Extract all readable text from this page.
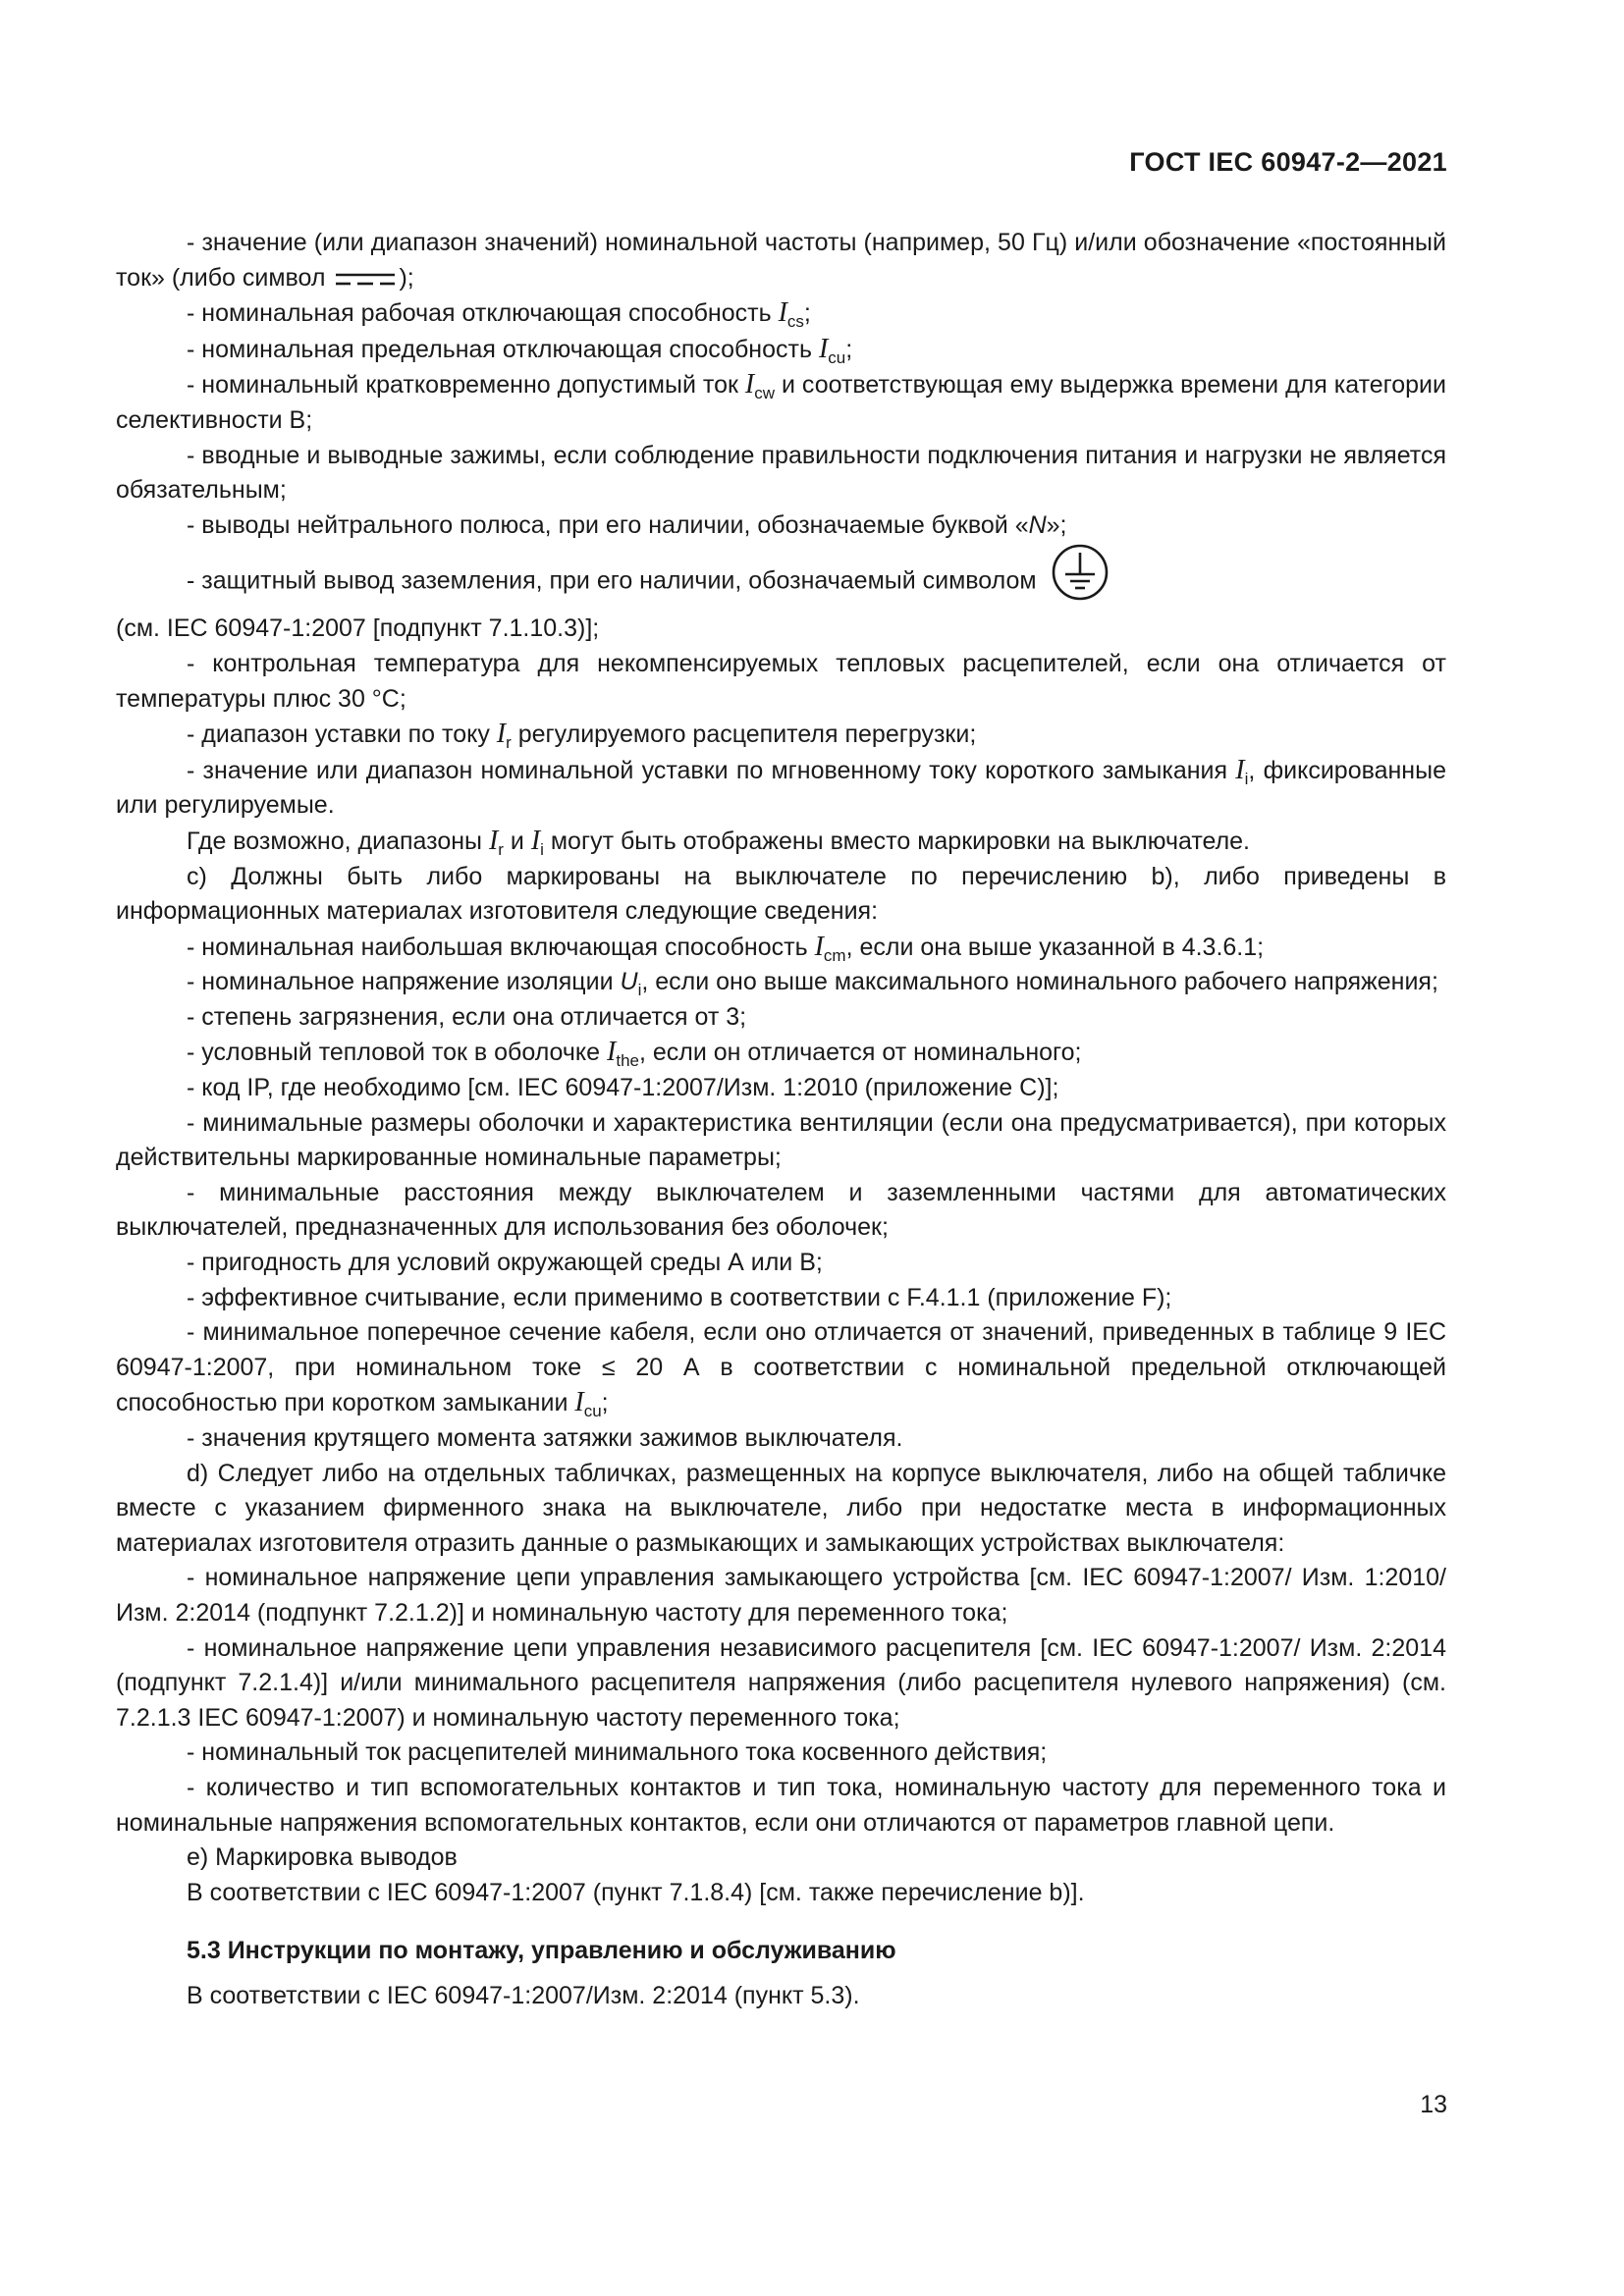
ГОСТ IEC 60947-2—2021

- значение (или диапазон значений) номинальной частоты (например, 50 Гц) и/или обозначение «постоянный ток» (либо символ	);

- номинальная рабочая отключающая способность $I_{cs}$;

- номинальная предельная отключающая способность $I_{cu}$;

- номинальный кратковременно допустимый ток $I_{cw}$ и соответствующая ему выдержка времени для категории селективности В;

- вводные и выводные зажимы, если соблюдение правильности подключения питания и нагрузки не является обязательным;

- выводы нейтрального полюса, при его наличии, обозначаемые буквой «N»;

- защитный вывод заземления, при его наличии, обозначаемый символом
(см. IEC 60947-1:2007 [подпункт 7.1.10.3)];

- контрольная температура для некомпенсируемых тепловых расцепителей, если она отличается от температуры плюс 30 °С;

- диапазон уставки по току $I_r$ регулируемого расцепителя перегрузки;

- значение или диапазон номинальной уставки по мгновенному току короткого замыкания $I_i$, фиксированные или регулируемые.

Где возможно, диапазоны $I_r$ и $I_i$ могут быть отображены вместо маркировки на выключателе.

с) Должны быть либо маркированы на выключателе по перечислению b), либо приведены в информационных материалах изготовителя следующие сведения:

- номинальная наибольшая включающая способность $I_{cm}$, если она выше указанной в 4.3.6.1;

- номинальное напряжение изоляции $U_i$, если оно выше максимального номинального рабочего напряжения;

- степень загрязнения, если она отличается от 3;

- условный тепловой ток в оболочке $I_{the}$, если он отличается от номинального;

- код IP, где необходимо [см. IEC 60947-1:2007/Изм. 1:2010 (приложение С)];

- минимальные размеры оболочки и характеристика вентиляции (если она предусматривается), при которых действительны маркированные номинальные параметры;

- минимальные расстояния между выключателем и заземленными частями для автоматических выключателей, предназначенных для использования без оболочек;

- пригодность для условий окружающей среды А или В;

- эффективное считывание, если применимо в соответствии с F.4.1.1 (приложение F);

- минимальное поперечное сечение кабеля, если оно отличается от значений, приведенных в таблице 9 IEC 60947-1:2007, при номинальном токе ≤ 20 А в соответствии с номинальной предельной отключающей способностью при коротком замыкании $I_{cu}$;

- значения крутящего момента затяжки зажимов выключателя.

d) Следует либо на отдельных табличках, размещенных на корпусе выключателя, либо на общей табличке вместе с указанием фирменного знака на выключателе, либо при недостатке места в информационных материалах изготовителя отразить данные о размыкающих и замыкающих устройствах выключателя:

- номинальное напряжение цепи управления замыкающего устройства [см. IEC 60947-1:2007/ Изм. 1:2010/Изм. 2:2014 (подпункт 7.2.1.2)] и номинальную частоту для переменного тока;

- номинальное напряжение цепи управления независимого расцепителя [см. IEC 60947-1:2007/ Изм. 2:2014 (подпункт 7.2.1.4)] и/или минимального расцепителя напряжения (либо расцепителя нулевого напряжения) (см. 7.2.1.3 IEC 60947-1:2007) и номинальную частоту переменного тока;

- номинальный ток расцепителей минимального тока косвенного действия;

- количество и тип вспомогательных контактов и тип тока, номинальную частоту для переменного тока и номинальные напряжения вспомогательных контактов, если они отличаются от параметров главной цепи.

e) Маркировка выводов

В соответствии с IEC 60947-1:2007 (пункт 7.1.8.4) [см. также перечисление b)].

5.3 Инструкции по монтажу, управлению и обслуживанию

В соответствии с IEC 60947-1:2007/Изм. 2:2014 (пункт 5.3).

13
